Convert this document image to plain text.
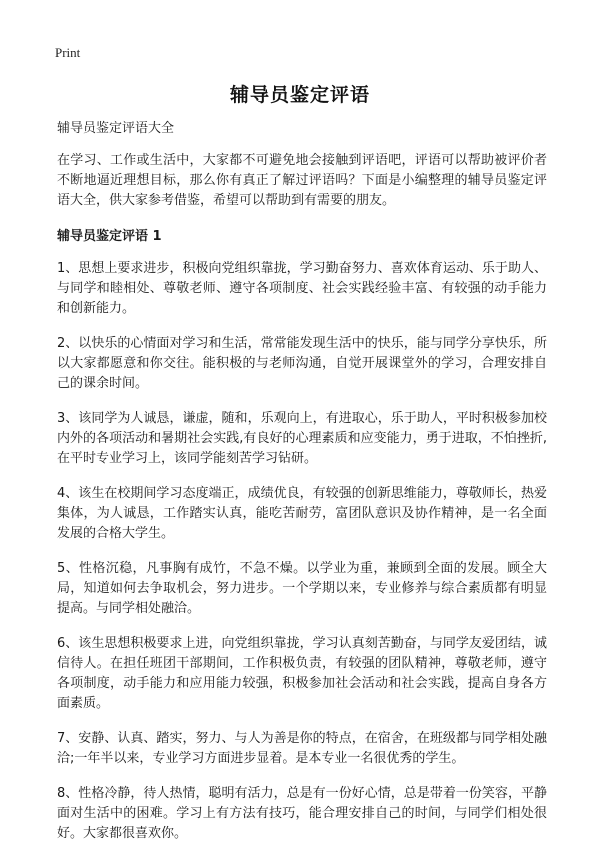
Print
辅导员鉴定评语

辅导员鉴定评语大全

在学习、工作或生活中，大家都不可避免地会接触到评语吧，评语可以帮助被评价者不断地逼近理想目标，那么你有真正了解过评语吗？下面是小编整理的辅导员鉴定评语大全，供大家参考借鉴，希望可以帮助到有需要的朋友。

辅导员鉴定评语 1

1、思想上要求进步，积极向党组织靠拢，学习勤奋努力、喜欢体育运动、乐于助人、与同学和睦相处、尊敬老师、遵守各项制度、社会实践经验丰富、有较强的动手能力和创新能力。

2、以快乐的心情面对学习和生活，常常能发现生活中的快乐，能与同学分享快乐，所以大家都愿意和你交往。能积极的与老师沟通，自觉开展课堂外的学习，合理安排自己的课余时间。

3、该同学为人诚恳，谦虚，随和，乐观向上，有进取心，乐于助人，平时积极参加校内外的各项活动和暑期社会实践,有良好的心理素质和应变能力，勇于进取，不怕挫折,在平时专业学习上，该同学能刻苦学习钻研。

4、该生在校期间学习态度端正，成绩优良，有较强的创新思维能力，尊敬师长，热爱集体，为人诚恳，工作踏实认真，能吃苦耐劳，富团队意识及协作精神，是一名全面发展的合格大学生。

5、性格沉稳，凡事胸有成竹，不急不燥。以学业为重，兼顾到全面的发展。顾全大局，知道如何去争取机会，努力进步。一个学期以来，专业修养与综合素质都有明显提高。与同学相处融洽。

6、该生思想积极要求上进，向党组织靠拢，学习认真刻苦勤奋，与同学友爱团结，诚信待人。在担任班团干部期间，工作积极负责，有较强的团队精神，尊敬老师，遵守各项制度，动手能力和应用能力较强，积极参加社会活动和社会实践，提高自身各方面素质。

7、安静、认真、踏实，努力、与人为善是你的特点，在宿舍，在班级都与同学相处融洽;一年半以来，专业学习方面进步显着。是本专业一名很优秀的学生。

8、性格冷静，待人热情，聪明有活力，总是有一份好心情，总是带着一份笑容，平静面对生活中的困难。学习上有方法有技巧，能合理安排自己的时间，与同学们相处很好。大家都很喜欢你。
